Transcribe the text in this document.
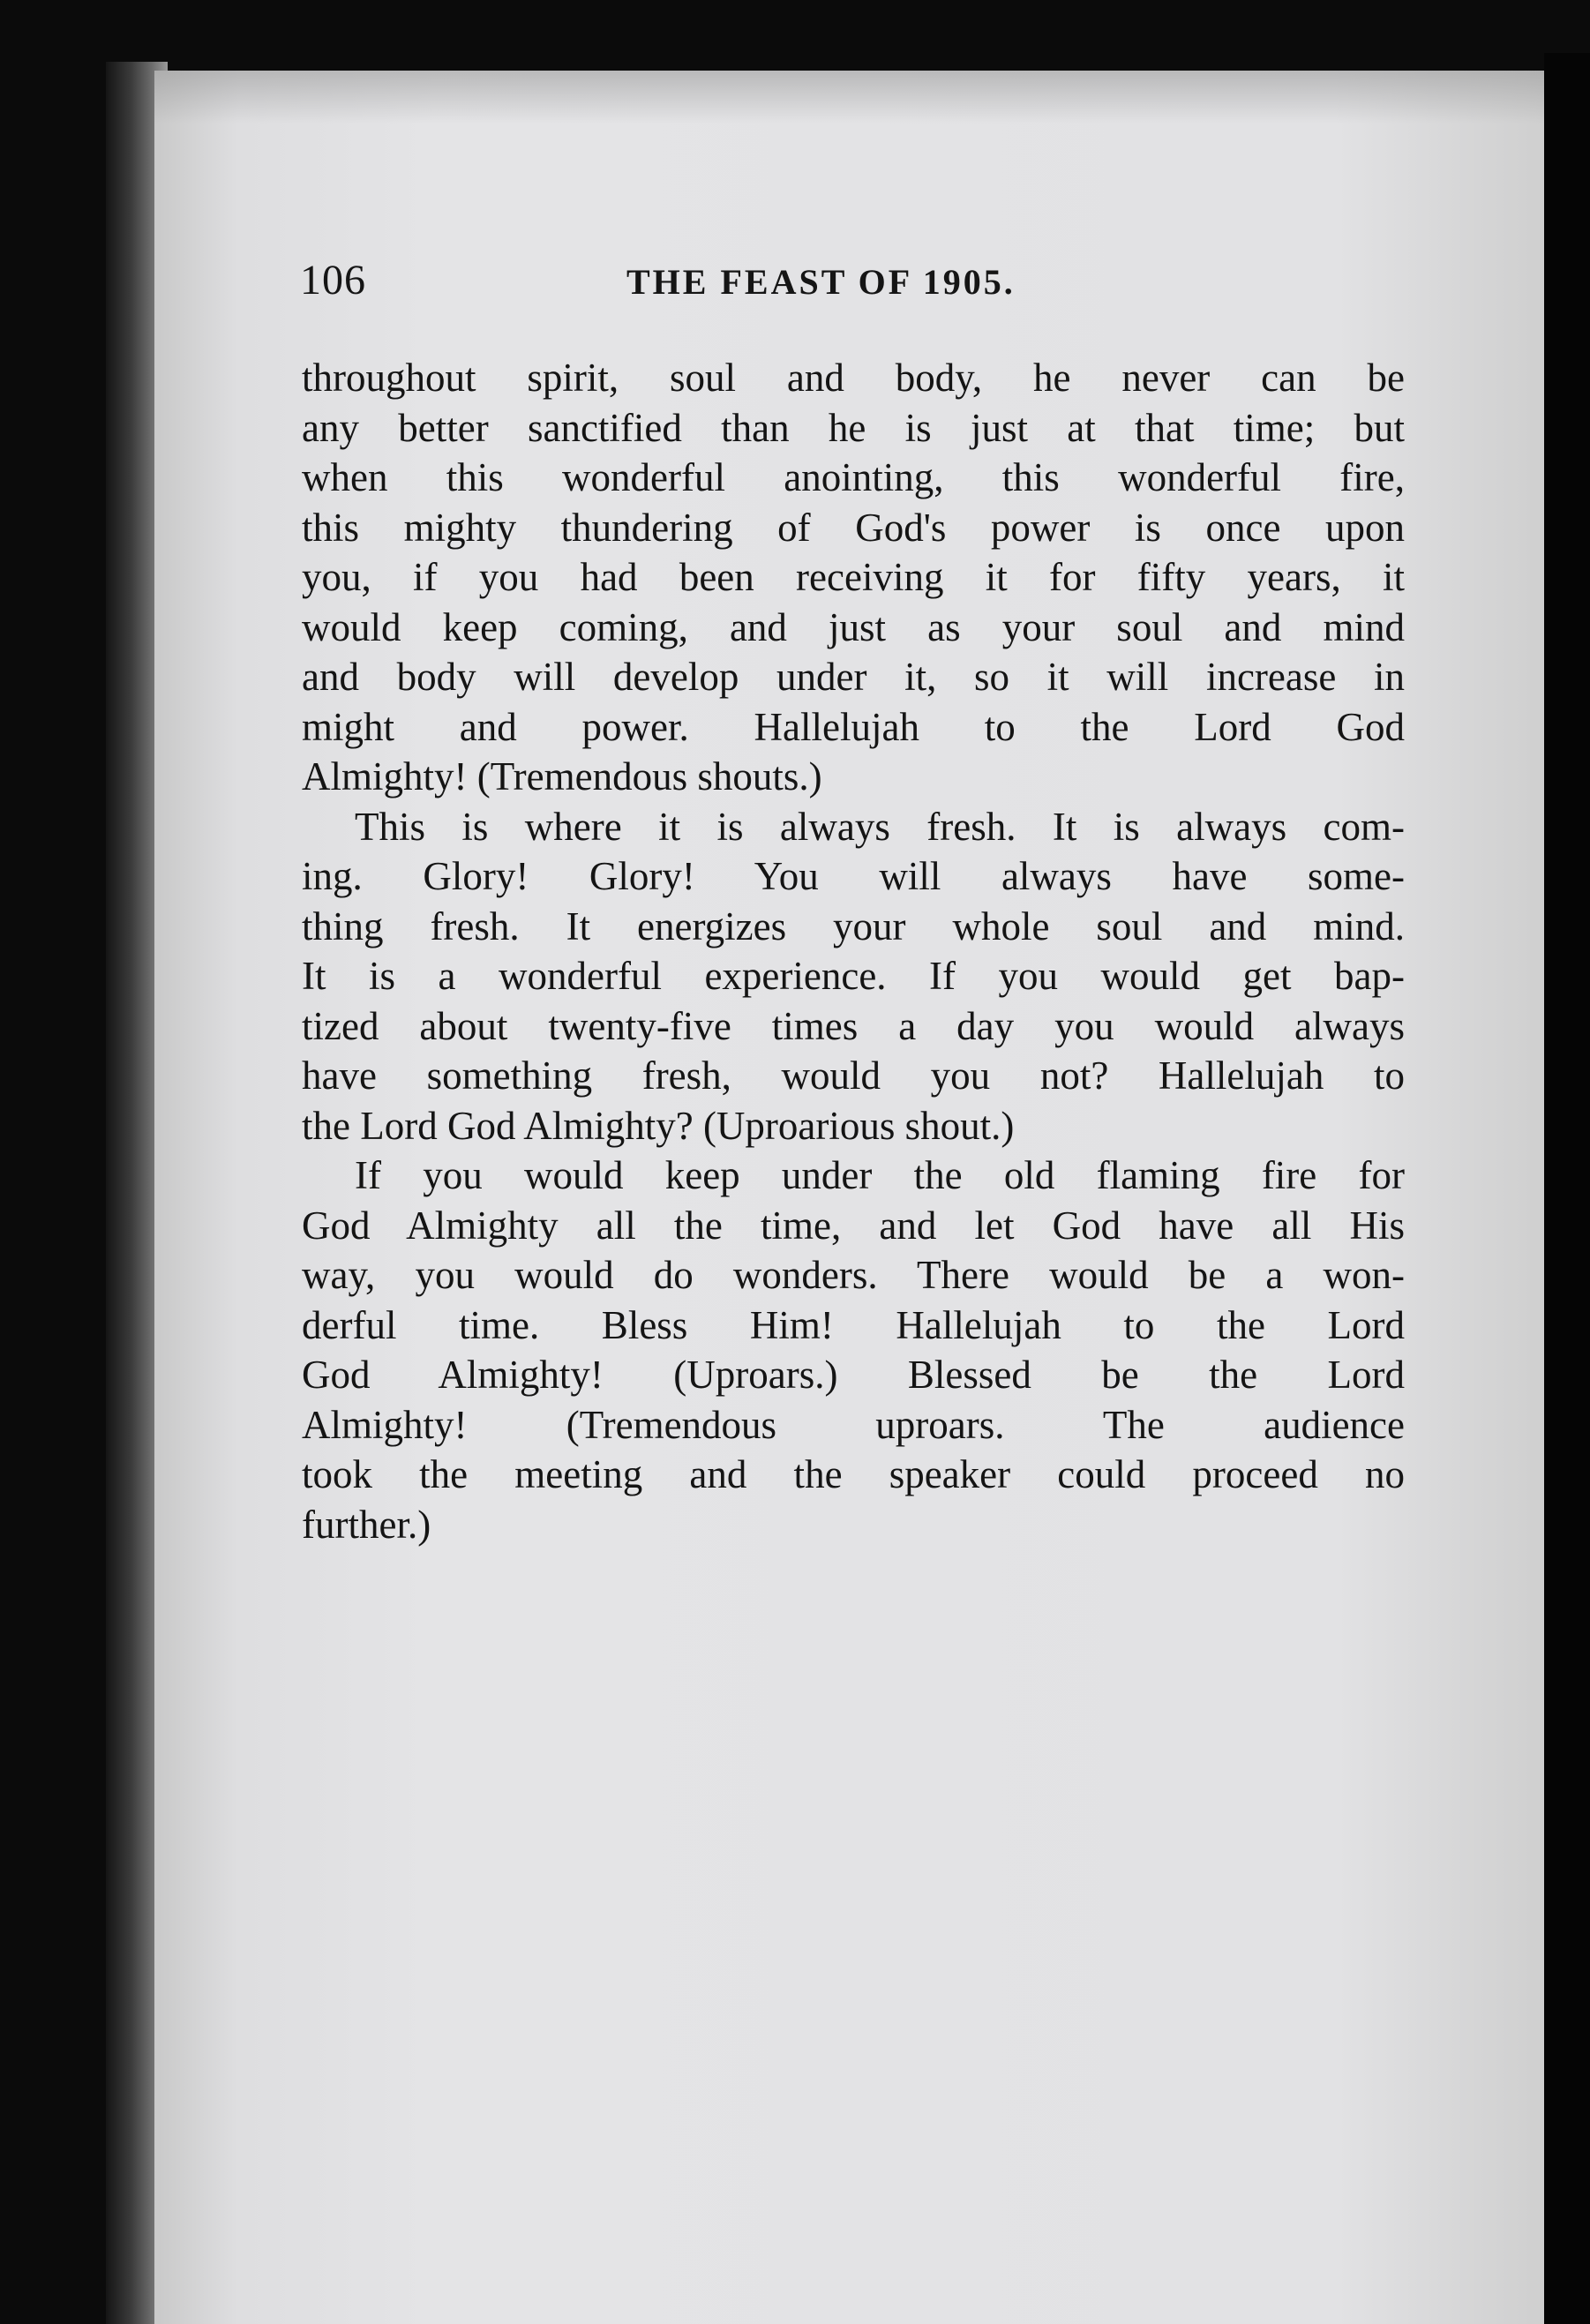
106	THE FEAST OF 1905.

throughout spirit, soul and body, he never can be
any better sanctified than he is just at that time; but
when this wonderful anointing, this wonderful fire,
this mighty thundering of God's power is once upon
you, if you had been receiving it for fifty years, it
would keep coming, and just as your soul and mind
and body will develop under it, so it will increase in
might and power. Hallelujah to the Lord God
Almighty! (Tremendous shouts.)

This is where it is always fresh. It is always com-
ing. Glory! Glory! You will always have some-
thing fresh. It energizes your whole soul and mind.
It is a wonderful experience. If you would get bap-
tized about twenty-five times a day you would always
have something fresh, would you not? Hallelujah to
the Lord God Almighty? (Uproarious shout.)

If you would keep under the old flaming fire for
God Almighty all the time, and let God have all His
way, you would do wonders. There would be a won-
derful time. Bless Him! Hallelujah to the Lord
God Almighty! (Uproars.) Blessed be the Lord
Almighty! (Tremendous uproars. The audience
took the meeting and the speaker could proceed no
further.)
